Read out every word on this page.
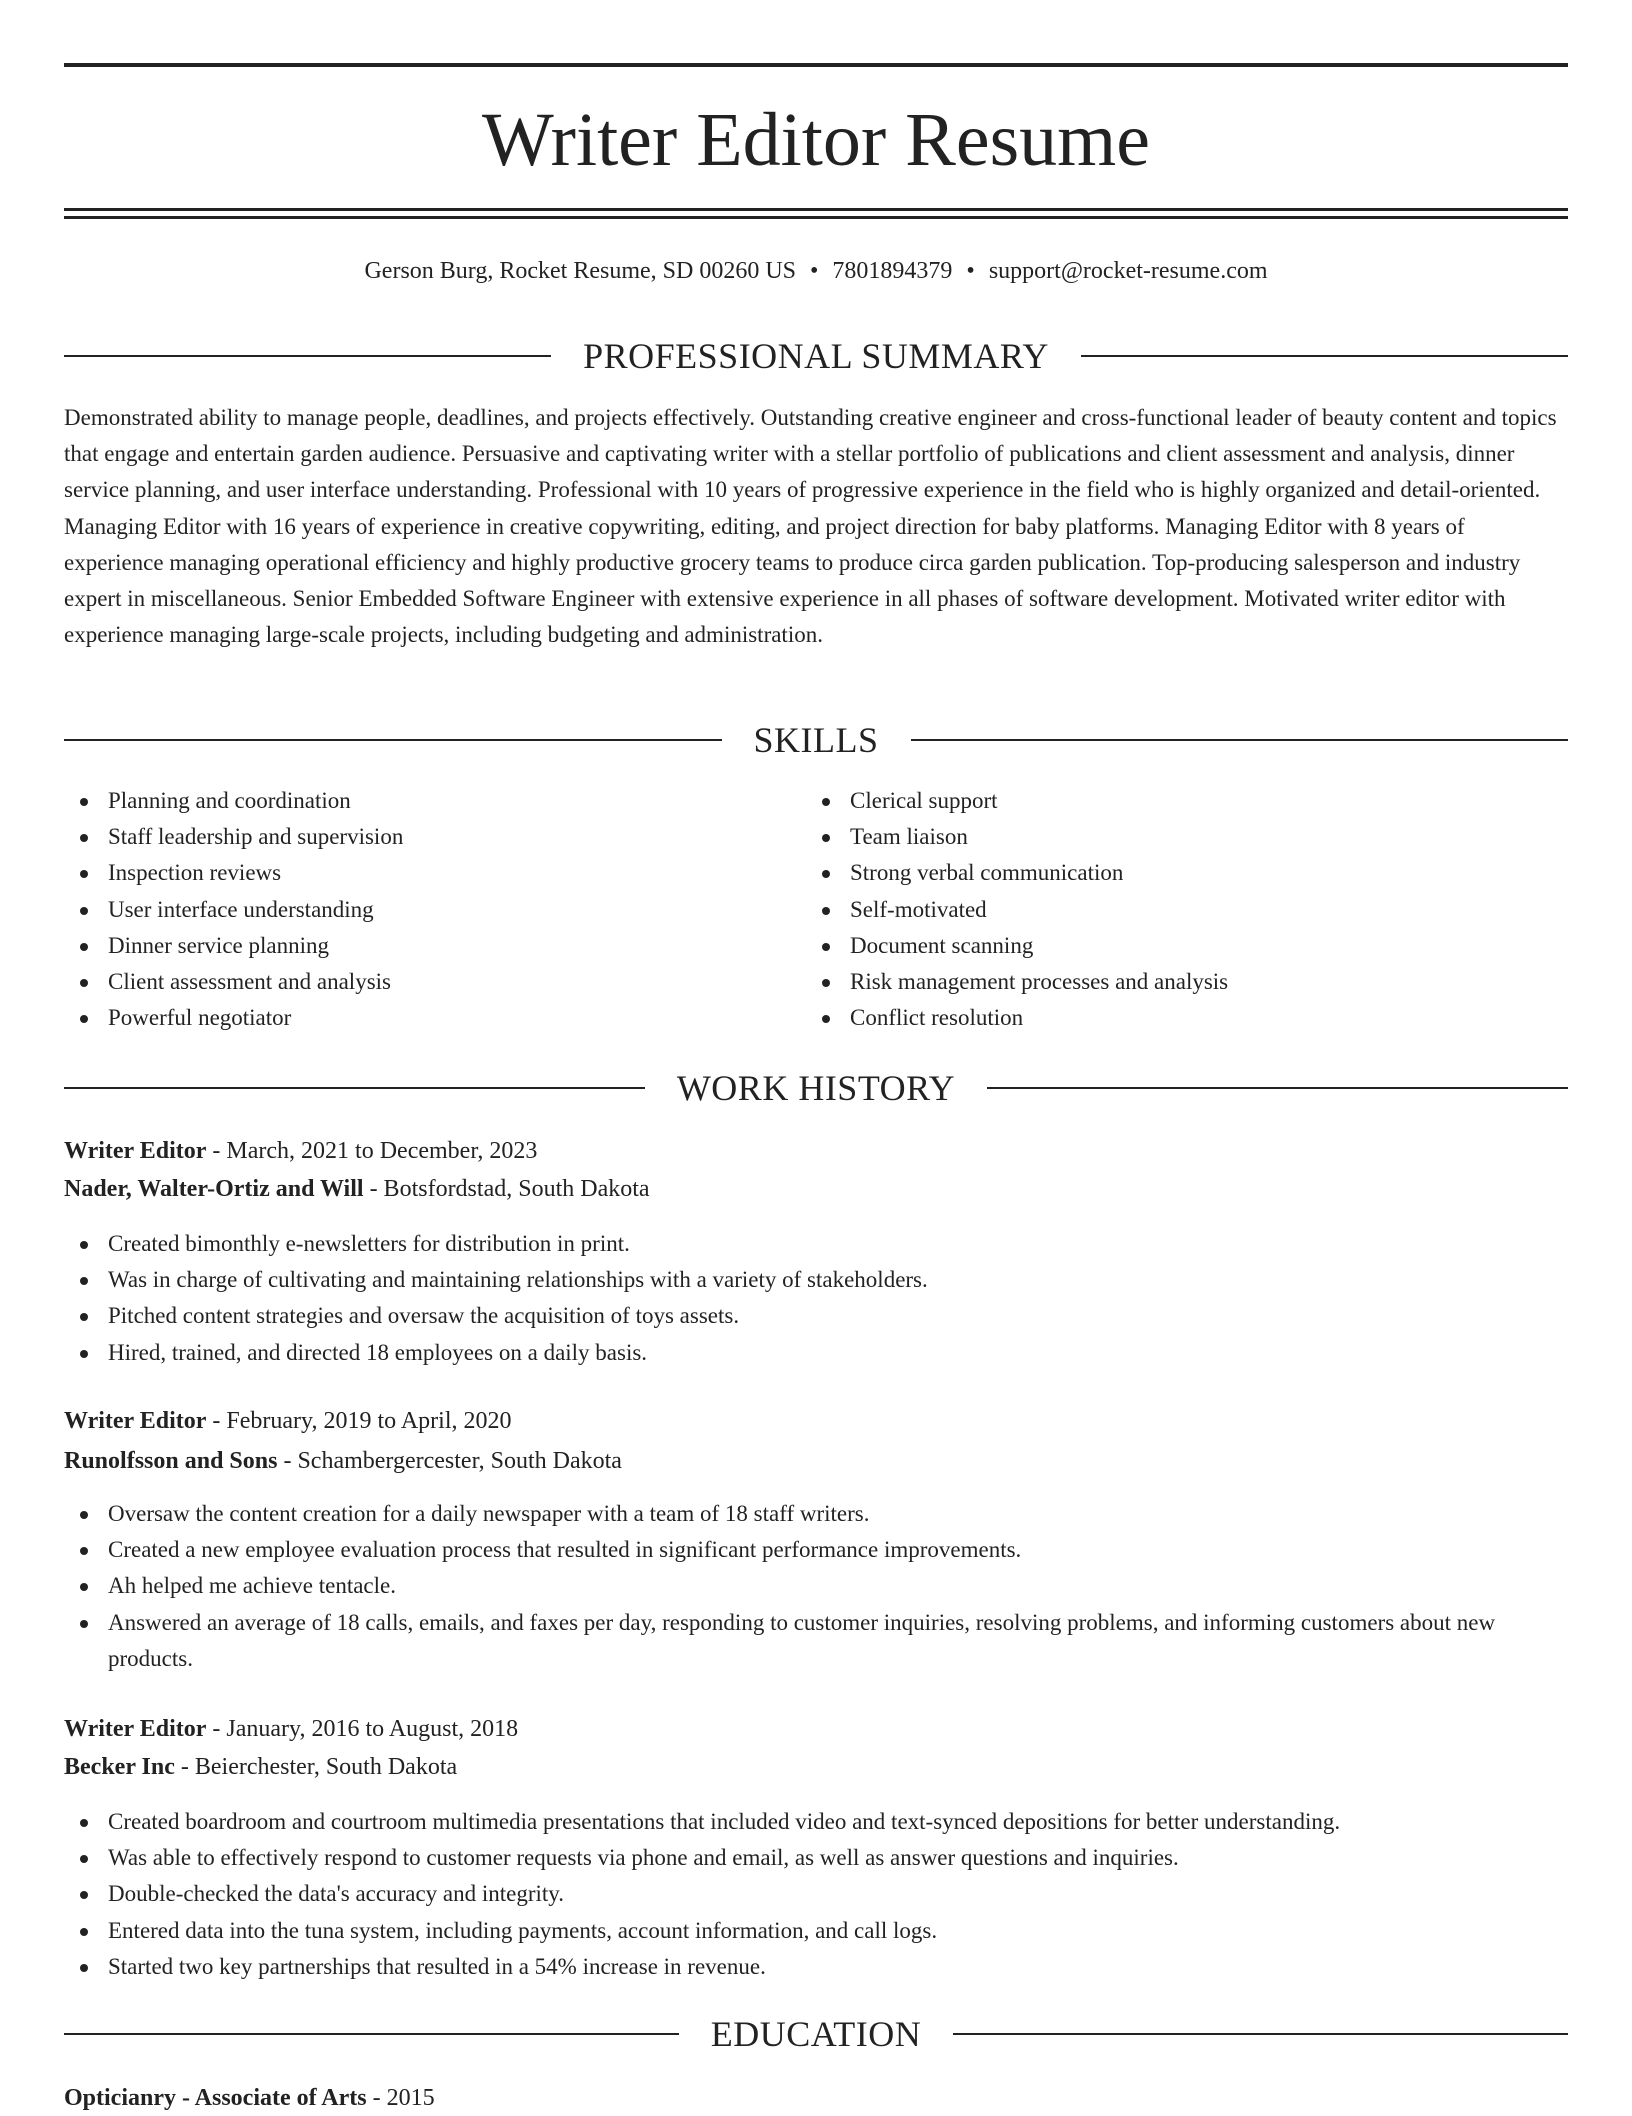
Writer Editor Resume
Gerson Burg, Rocket Resume, SD 00260 US • 7801894379 • support@rocket-resume.com
PROFESSIONAL SUMMARY

Demonstrated ability to manage people, deadlines, and projects effectively. Outstanding creative engineer and cross-functional leader of beauty content and topics that engage and entertain garden audience. Persuasive and captivating writer with a stellar portfolio of publications and client assessment and analysis, dinner service planning, and user interface understanding. Professional with 10 years of progressive experience in the field who is highly organized and detail-oriented. Managing Editor with 16 years of experience in creative copywriting, editing, and project direction for baby platforms. Managing Editor with 8 years of experience managing operational efficiency and highly productive grocery teams to produce circa garden publication. Top-producing salesperson and industry expert in miscellaneous. Senior Embedded Software Engineer with extensive experience in all phases of software development. Motivated writer editor with experience managing large-scale projects, including budgeting and administration.

SKILLS
Planning and coordination
Staff leadership and supervision
Inspection reviews
User interface understanding
Dinner service planning
Client assessment and analysis
Powerful negotiator
Clerical support
Team liaison
Strong verbal communication
Self-motivated
Document scanning
Risk management processes and analysis
Conflict resolution
WORK HISTORY
Writer Editor - March, 2021 to December, 2023
Nader, Walter-Ortiz and Will - Botsfordstad, South Dakota
Created bimonthly e-newsletters for distribution in print.
Was in charge of cultivating and maintaining relationships with a variety of stakeholders.
Pitched content strategies and oversaw the acquisition of toys assets.
Hired, trained, and directed 18 employees on a daily basis.
Writer Editor - February, 2019 to April, 2020
Runolfsson and Sons - Schambergercester, South Dakota
Oversaw the content creation for a daily newspaper with a team of 18 staff writers.
Created a new employee evaluation process that resulted in significant performance improvements.
Ah helped me achieve tentacle.
Answered an average of 18 calls, emails, and faxes per day, responding to customer inquiries, resolving problems, and informing customers about new products.
Writer Editor - January, 2016 to August, 2018
Becker Inc - Beierchester, South Dakota
Created boardroom and courtroom multimedia presentations that included video and text-synced depositions for better understanding.
Was able to effectively respond to customer requests via phone and email, as well as answer questions and inquiries.
Double-checked the data's accuracy and integrity.
Entered data into the tuna system, including payments, account information, and call logs.
Started two key partnerships that resulted in a 54% increase in revenue.
EDUCATION
Opticianry - Associate of Arts - 2015
